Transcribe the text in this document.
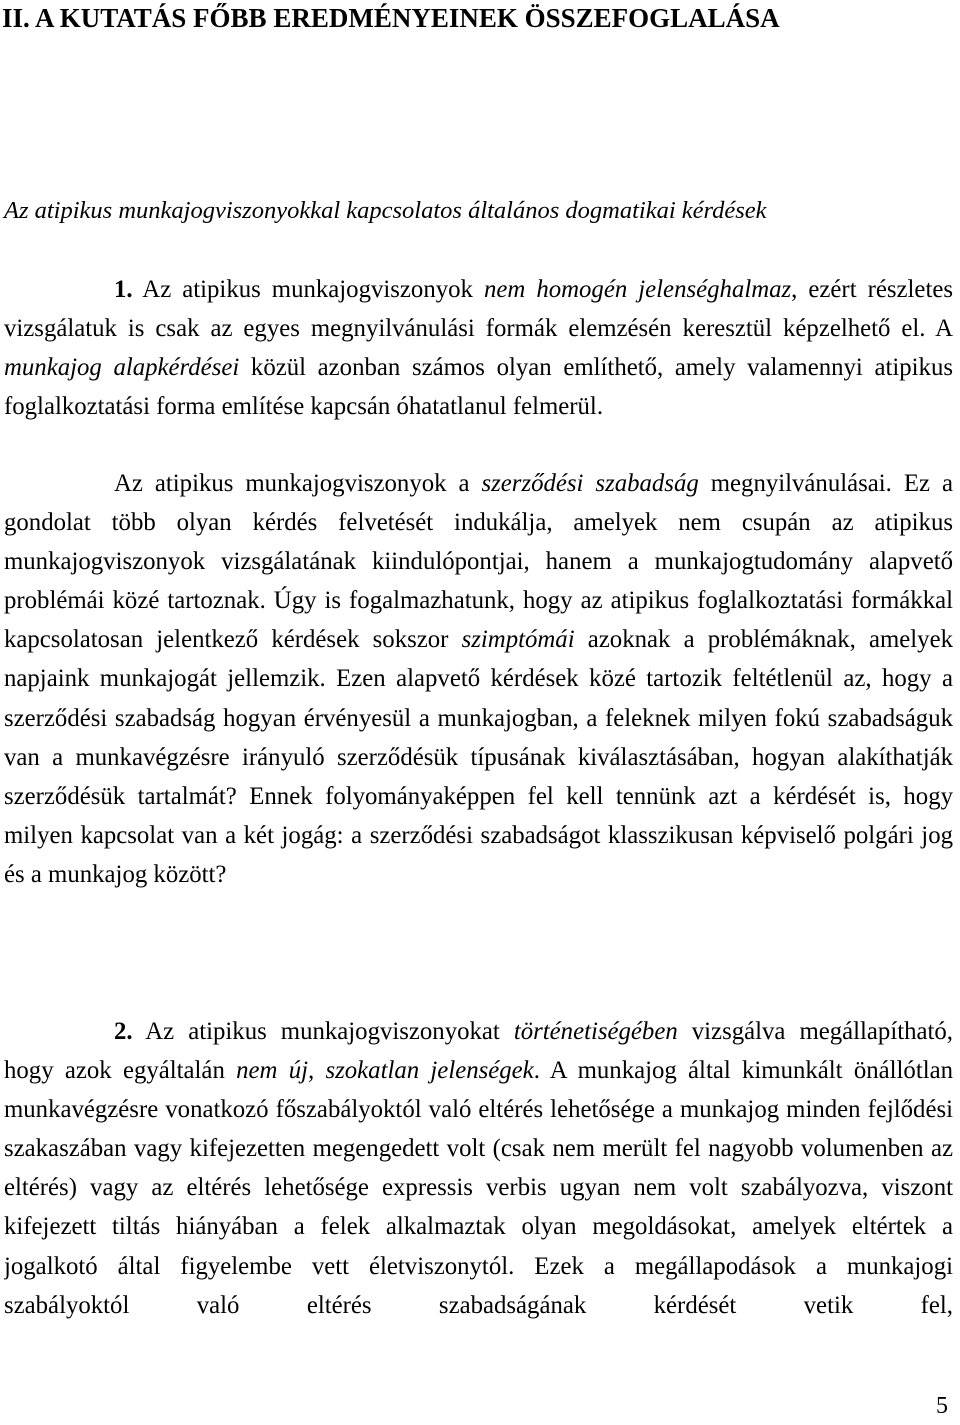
II. A KUTATÁS FŐBB EREDMÉNYEINEK ÖSSZEFOGLALÁSA

Az atipikus munkajogviszonyokkal kapcsolatos általános dogmatikai kérdések

1. Az atipikus munkajogviszonyok nem homogén jelenséghalmaz, ezért részletes vizsgálatuk is csak az egyes megnyilvánulási formák elemzésén keresztül képzelhető el. A munkajog alapkérdései közül azonban számos olyan említhető, amely valamennyi atipikus foglalkoztatási forma említése kapcsán óhatatlanul felmerül.

Az atipikus munkajogviszonyok a szerződési szabadság megnyilvánulásai. Ez a gondolat több olyan kérdés felvetését indukálja, amelyek nem csupán az atipikus munkajogviszonyok vizsgálatának kiindulópontjai, hanem a munkajogtudomány alapvető problémái közé tartoznak. Úgy is fogalmazhatunk, hogy az atipikus foglalkoztatási formákkal kapcsolatosan jelentkező kérdések sokszor szimptómái azoknak a problémáknak, amelyek napjaink munkajogát jellemzik. Ezen alapvető kérdések közé tartozik feltétlenül az, hogy a szerződési szabadság hogyan érvényesül a munkajogban, a feleknek milyen fokú szabadságuk van a munkavégzésre irányuló szerződésük típusának kiválasztásában, hogyan alakíthatják szerződésük tartalmát? Ennek folyományaképpen fel kell tennünk azt a kérdését is, hogy milyen kapcsolat van a két jogág: a szerződési szabadságot klasszikusan képviselő polgári jog és a munkajog között?

2. Az atipikus munkajogviszonyokat történetiségében vizsgálva megállapítható, hogy azok egyáltalán nem új, szokatlan jelenségek. A munkajog által kimunkált önállótlan munkavégzésre vonatkozó főszabályoktól való eltérés lehetősége a munkajog minden fejlődési szakaszában vagy kifejezetten megengedett volt (csak nem merült fel nagyobb volumenben az eltérés) vagy az eltérés lehetősége expressis verbis ugyan nem volt szabályozva, viszont kifejezett tiltás hiányában a felek alkalmaztak olyan megoldásokat, amelyek eltértek a jogalkotó által figyelembe vett életviszonytól. Ezek a megállapodások a munkajogi szabályoktól való eltérés szabadságának kérdését vetik fel,

5
